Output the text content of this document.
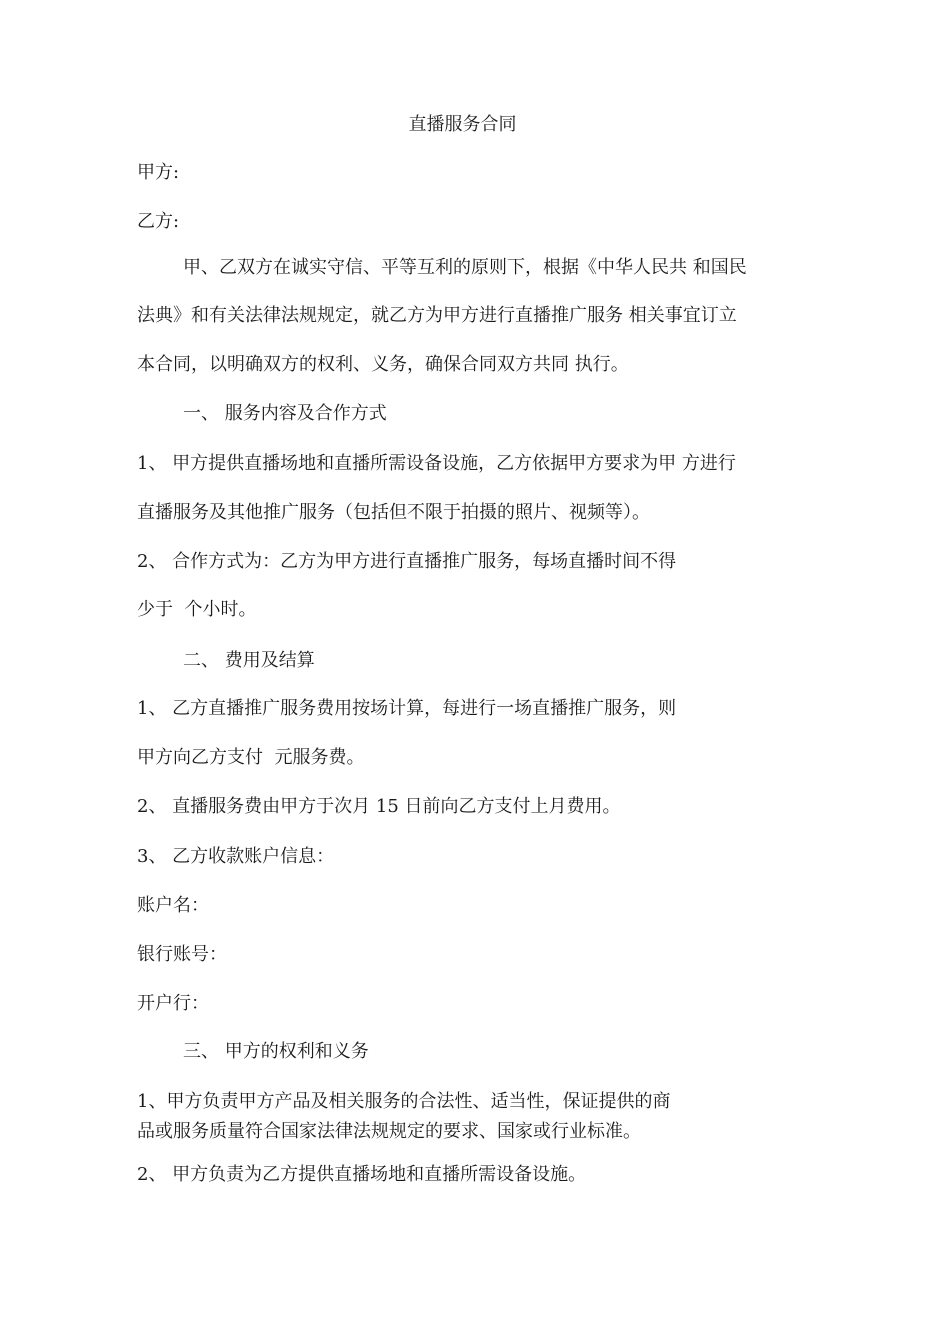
直播服务合同
甲方:
乙方:
甲、乙双方在诚实守信、平等互利的原则下，根据《中华人民共 和国民
法典》和有关法律法规规定，就乙方为甲方进行直播推广服务 相关事宜订立
本合同，以明确双方的权利、义务，确保合同双方共同 执行。
一、 服务内容及合作方式
1、 甲方提供直播场地和直播所需设备设施，乙方依据甲方要求为甲 方进行
直播服务及其他推广服务（包括但不限于拍摄的照片、视频等）。
2、 合作方式为：乙方为甲方进行直播推广服务，每场直播时间不得
少于  个小时。
二、 费用及结算
1、 乙方直播推广服务费用按场计算，每进行一场直播推广服务，则
甲方向乙方支付  元服务费。
2、 直播服务费由甲方于次月 15 日前向乙方支付上月费用。
3、 乙方收款账户信息：
账户名：
银行账号：
开户行：
三、 甲方的权利和义务
1、甲方负责甲方产品及相关服务的合法性、适当性，保证提供的商
品或服务质量符合国家法律法规规定的要求、国家或行业标准。
2、 甲方负责为乙方提供直播场地和直播所需设备设施。
